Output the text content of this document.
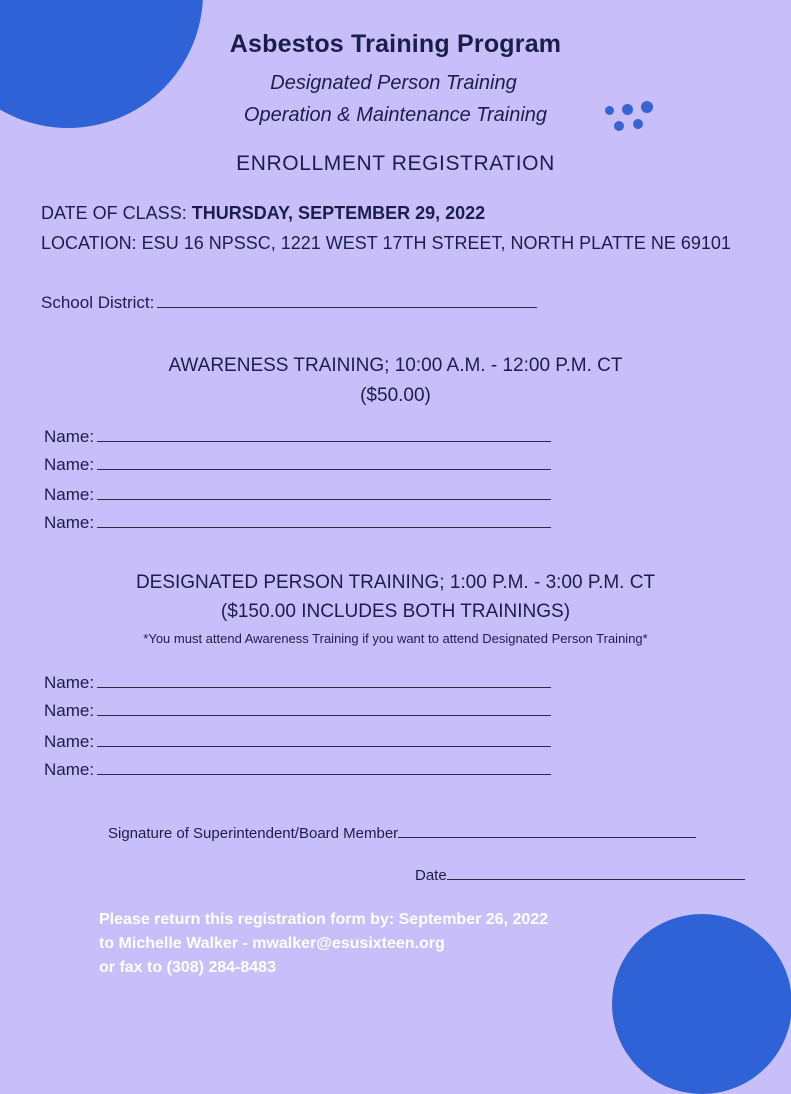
Asbestos Training Program
Designated Person Training
Operation & Maintenance Training
ENROLLMENT REGISTRATION
DATE OF CLASS: THURSDAY, SEPTEMBER 29, 2022
LOCATION: ESU 16 NPSSC, 1221 WEST 17TH STREET, NORTH PLATTE NE 69101
School District:
AWARENESS TRAINING; 10:00 A.M. - 12:00 P.M. CT
($50.00)
Name:
Name:
Name:
Name:
DESIGNATED PERSON TRAINING; 1:00 P.M. - 3:00 P.M. CT
($150.00 INCLUDES BOTH TRAININGS)
*You must attend Awareness Training if you want to attend Designated Person Training*
Name:
Name:
Name:
Name:
Signature of Superintendent/Board Member
Date
Please return this registration form by: September 26, 2022
to Michelle Walker - mwalker@esusixteen.org
or fax to (308) 284-8483
